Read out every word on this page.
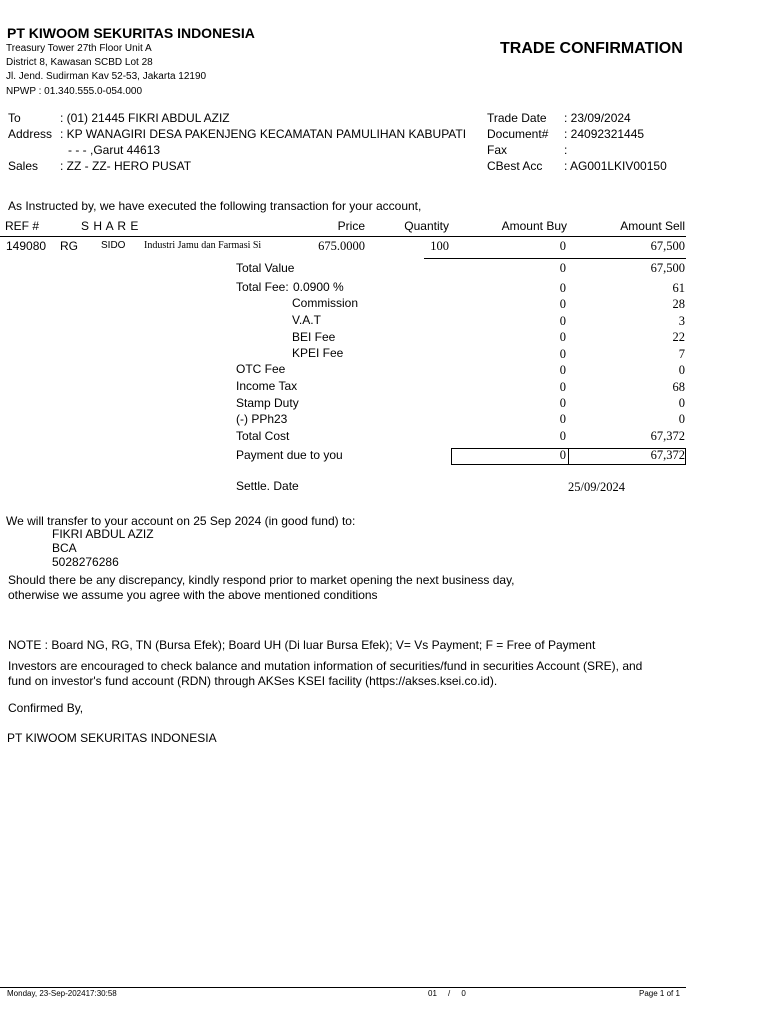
PT KIWOOM SEKURITAS INDONESIA
Treasury Tower 27th Floor Unit A
District 8, Kawasan SCBD Lot 28
Jl. Jend. Sudirman Kav 52-53, Jakarta 12190
NPWP : 01.340.555.0-054.000
TRADE CONFIRMATION
To	: (01) 21445 FIKRI ABDUL AZIZ
Address : KP WANAGIRI DESA PAKENJENG KECAMATAN PAMULIHAN KABUPATI
- - - ,Garut 44613
Sales : ZZ - ZZ- HERO PUSAT
Trade Date : 23/09/2024
Document# : 24092321445
Fax	:
CBest Acc : AG001LKIV00150
As Instructed by, we have executed the following transaction for your account,
REF #	S H A R E	Price	Quantity	Amount Buy	Amount Sell
149080 RG SIDO Industri Jamu dan Farmasi Si	675.0000	100	0	67,500
Total Value	0	67,500
Total Fee: 0.0900 %	0	61
Commission	0	28
V.A.T	0	3
BEI Fee	0	22
KPEI Fee	0	7
OTC Fee	0	0
Income Tax	0	68
Stamp Duty	0	0
(-) PPh23	0	0
Total Cost	0	67,372
Payment due to you	0	67,372
Settle. Date	25/09/2024
We will transfer to your account on 25 Sep 2024 (in good fund) to:
FIKRI ABDUL AZIZ
BCA
5028276286
Should there be any discrepancy, kindly respond prior to market opening the next business day,
otherwise we assume you agree with the above mentioned conditions
NOTE : Board NG, RG, TN (Bursa Efek); Board UH (Di luar Bursa Efek); V= Vs Payment; F = Free of Payment
Investors are encouraged to check balance and mutation information of securities/fund in securities Account (SRE), and
fund on investor's fund account (RDN) through AKSes KSEI facility (https://akses.ksei.co.id).
Confirmed By,
PT KIWOOM SEKURITAS INDONESIA
Monday, 23-Sep-202417:30:58	01     /     0	Page 1 of 1
